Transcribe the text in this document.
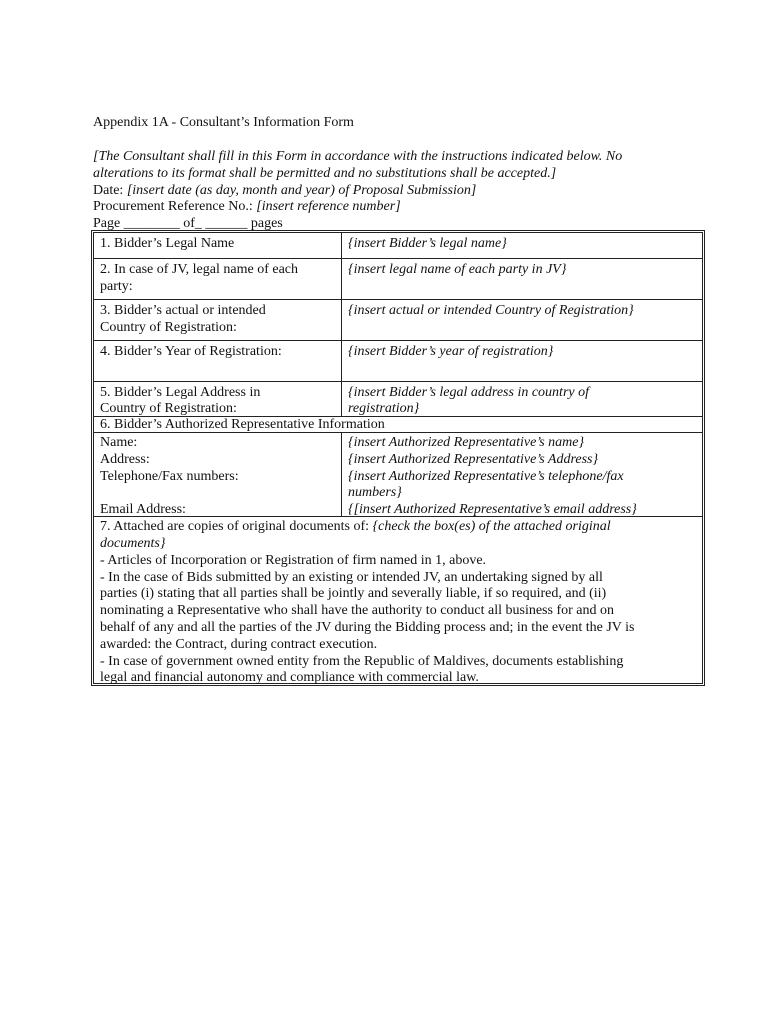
Appendix 1A - Consultant’s Information Form
[The Consultant shall fill in this Form in accordance with the instructions indicated below. No
alterations to its format shall be permitted and no substitutions shall be accepted.]
Date: [insert date (as day, month and year) of Proposal Submission]
Procurement Reference No.: [insert reference number]
Page ________ of_ ______ pages
1. Bidder’s Legal Name	{insert Bidder’s legal name}
2. In case of JV, legal name of each
party:
{insert legal name of each party in JV}
3. Bidder’s actual or intended
Country of Registration:
{insert actual or intended Country of Registration}
4. Bidder’s Year of Registration:	{insert Bidder’s year of registration}
5. Bidder’s Legal Address in
Country of Registration:
{insert Bidder’s legal address in country of
registration}
6. Bidder’s Authorized Representative Information
Name:
Address:
Telephone/Fax numbers:
Email Address:
{insert Authorized Representative’s name}
{insert Authorized Representative’s Address}
{insert Authorized Representative’s telephone/fax
numbers}
{[insert Authorized Representative’s email address}
7. Attached are copies of original documents of: {check the box(es) of the attached original
documents}
- Articles of Incorporation or Registration of firm named in 1, above.
- In the case of Bids submitted by an existing or intended JV, an undertaking signed by all
parties (i) stating that all parties shall be jointly and severally liable, if so required, and (ii)
nominating a Representative who shall have the authority to conduct all business for and on
behalf of any and all the parties of the JV during the Bidding process and; in the event the JV is
awarded: the Contract, during contract execution.
- In case of government owned entity from the Republic of Maldives, documents establishing
legal and financial autonomy and compliance with commercial law.
